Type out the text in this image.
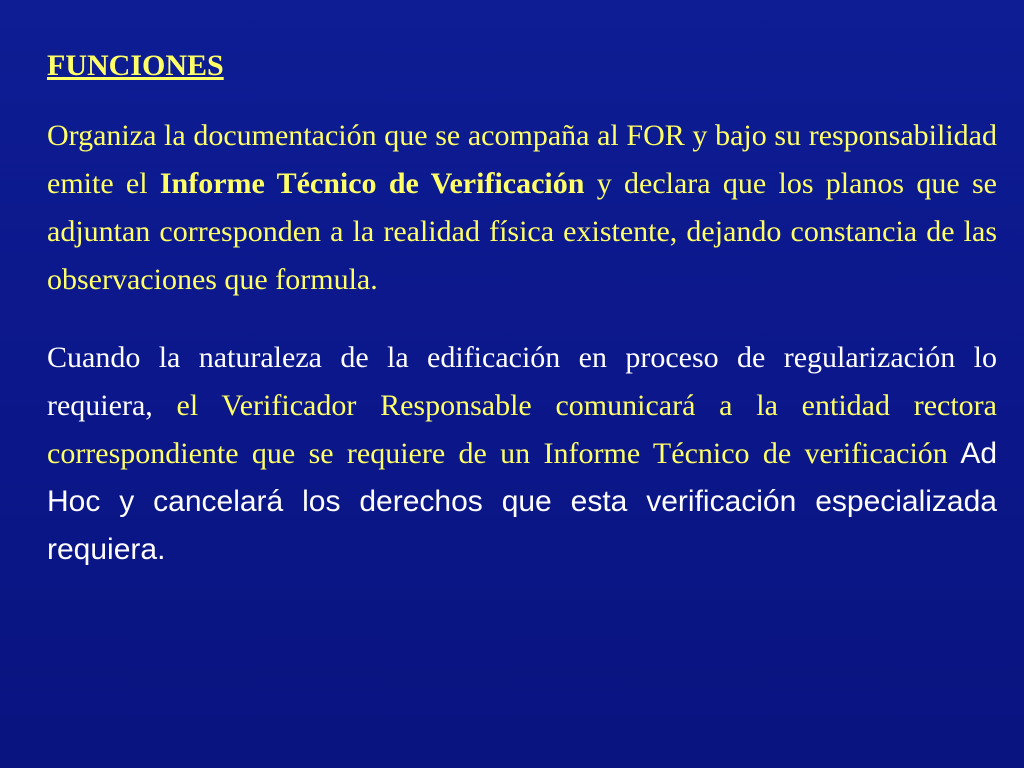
FUNCIONES

Organiza la documentación que se acompaña al FOR y bajo su responsabilidad emite el Informe Técnico de Verificación y declara que los planos que se adjuntan corresponden a la realidad física existente, dejando constancia de las observaciones que formula.

Cuando la naturaleza de la edificación en proceso de regularización lo requiera, el Verificador Responsable comunicará a la entidad rectora correspondiente que se requiere de un Informe Técnico de verificación Ad Hoc y cancelará los derechos que esta verificación especializada requiera.
